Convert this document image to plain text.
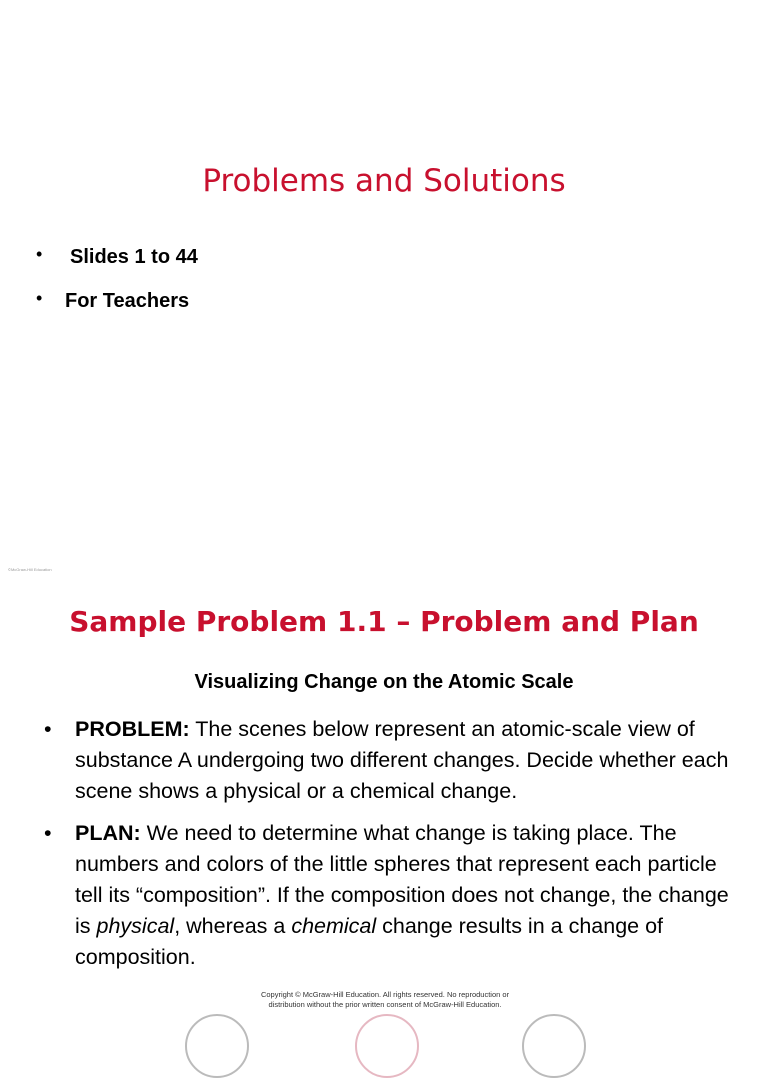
Problems and Solutions
• Slides 1 to 44
• For Teachers
©McGraw-Hill Education
Sample Problem 1.1 – Problem and Plan
Visualizing Change on the Atomic Scale
• PROBLEM: The scenes below represent an atomic-scale view of substance A undergoing two different changes. Decide whether each scene shows a physical or a chemical change.
• PLAN: We need to determine what change is taking place. The numbers and colors of the little spheres that represent each particle tell its “composition”. If the composition does not change, the change is physical, whereas a chemical change results in a change of composition.
Copyright © McGraw-Hill Education. All rights reserved. No reproduction or
distribution without the prior written consent of McGraw-Hill Education.
